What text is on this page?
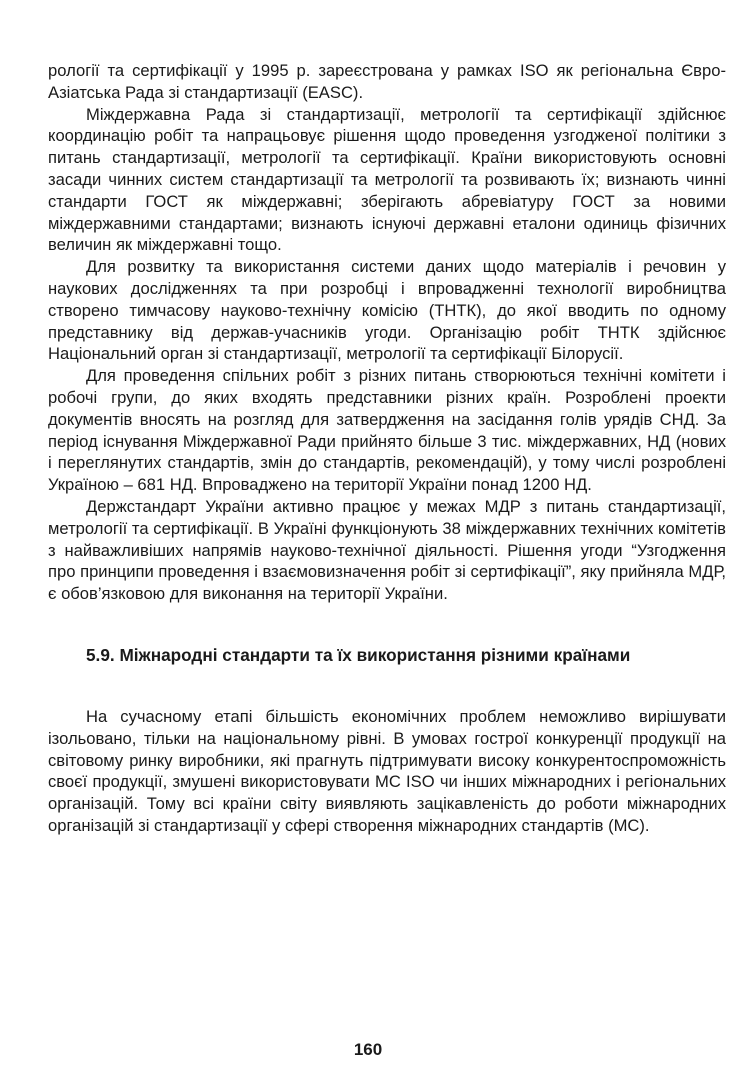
рології та сертифікації у 1995 р. зареєстрована у рамках ISO як регіональна Євро-Азіатська Рада зі стандартизації (EASC).

Міждержавна Рада зі стандартизації, метрології та сертифікації здійснює координацію робіт та напрацьовує рішення щодо проведення узгодженої політики з питань стандартизації, метрології та сертифікації. Країни використовують основні засади чинних систем стандартизації та метрології та розвивають їх; визнають чинні стандарти ГОСТ як міждержавні; зберігають абревіатуру ГОСТ за новими міждержавними стандартами; визнають існуючі державні еталони одиниць фізичних величин як міждержавні тощо.

Для розвитку та використання системи даних щодо матеріалів і речовин у наукових дослідженнях та при розробці і впровадженні технології виробництва створено тимчасову науково-технічну комісію (ТНТК), до якої вводить по одному представнику від держав-учасників угоди. Організацію робіт ТНТК здійснює Національний орган зі стандартизації, метрології та сертифікації Білорусії.

Для проведення спільних робіт з різних питань створюються технічні комітети і робочі групи, до яких входять представники різних країн. Розроблені проекти документів вносять на розгляд для затвердження на засідання голів урядів СНД. За період існування Міждержавної Ради прийнято більше 3 тис. міждержавних, НД (нових і переглянутих стандартів, змін до стандартів, рекомендацій), у тому числі розроблені Україною – 681 НД. Впроваджено на території України понад 1200 НД.

Держстандарт України активно працює у межах МДР з питань стандартизації, метрології та сертифікації. В Україні функціонують 38 міждержавних технічних комітетів з найважливіших напрямів науково-технічної діяльності. Рішення угоди “Узгодження про принципи проведення і взаємовизначення робіт зі сертифікації”, яку прийняла МДР, є обов’язковою для виконання на території України.

5.9. Міжнародні стандарти та їх використання різними країнами

На сучасному етапі більшість економічних проблем неможливо вирішувати ізольовано, тільки на національному рівні. В умовах гострої конкуренції продукції на світовому ринку виробники, які прагнуть підтримувати високу конкурентоспроможність своєї продукції, змушені використовувати МС ISO чи інших міжнародних і регіональних організацій. Тому всі країни світу виявляють зацікавленість до роботи міжнародних організацій зі стандартизації у сфері створення міжнародних стандартів (МС).

160
